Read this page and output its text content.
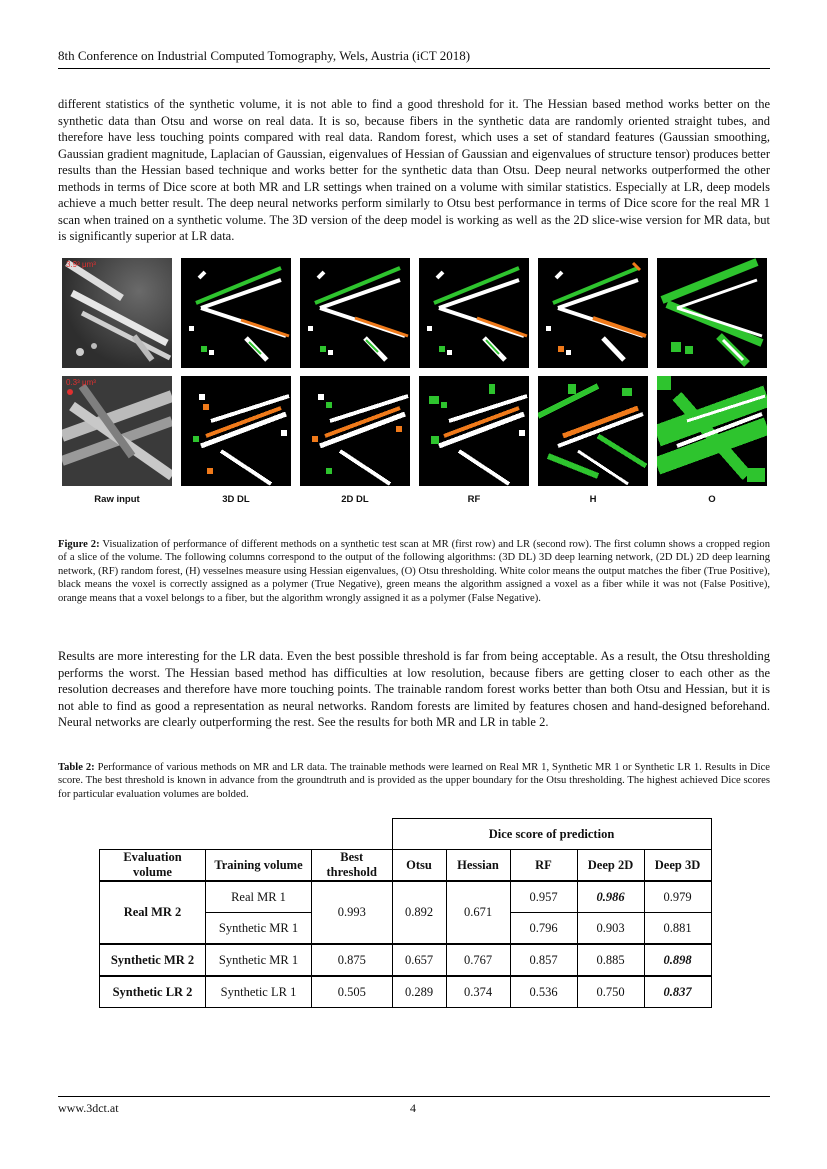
8th Conference on Industrial Computed Tomography, Wels, Austria (iCT 2018)

different statistics of the synthetic volume, it is not able to find a good threshold for it. The Hessian based method works better on the synthetic data than Otsu and worse on real data. It is so, because fibers in the synthetic data are randomly oriented straight tubes, and therefore have less touching points compared with real data. Random forest, which uses a set of standard features (Gaussian smoothing, Gaussian gradient magnitude, Laplacian of Gaussian, eigenvalues of Hessian of Gaussian and eigenvalues of structure tensor) produces better results than the Hessian based technique and works better for the synthetic data than Otsu. Deep neural networks outperformed the other methods in terms of Dice score at both MR and LR settings when trained on a volume with similar statistics. Especially at LR, deep models achieve a much better result. The deep neural networks perform similarly to Otsu best performance in terms of Dice score for the real MR 1 scan when trained on a synthetic volume. The 3D version of the deep model is working as well as the 2D slice-wise version for MR data, but is significantly superior at LR data.

3.9³ μm³
0.3³ μm³
Raw input	3D DL	2D DL	RF	H	O

Figure 2: Visualization of performance of different methods on a synthetic test scan at MR (first row) and LR (second row). The first column shows a cropped region of a slice of the volume. The following columns correspond to the output of the following algorithms: (3D DL) 3D deep learning network, (2D DL) 2D deep learning network, (RF) random forest, (H) vesselnes measure using Hessian eigenvalues, (O) Otsu thresholding. White color means the output matches the fiber (True Positive), black means the voxel is correctly assigned as a polymer (True Negative), green means the algorithm assigned a voxel as a fiber while it was not (False Positive), orange means that a voxel belongs to a fiber, but the algorithm wrongly assigned it as a polymer (False Negative).

Results are more interesting for the LR data. Even the best possible threshold is far from being acceptable. As a result, the Otsu thresholding performs the worst. The Hessian based method has difficulties at low resolution, because fibers are getting closer to each other as the resolution decreases and therefore have more touching points. The trainable random forest works better than both Otsu and Hessian, but it is not able to find as good a representation as neural networks. Random forests are limited by features chosen and hand-designed beforehand. Neural networks are clearly outperforming the rest. See the results for both MR and LR in table 2.

Table 2: Performance of various methods on MR and LR data. The trainable methods were learned on Real MR 1, Synthetic MR 1 or Synthetic LR 1. Results in Dice score. The best threshold is known in advance from the groundtruth and is provided as the upper boundary for the Otsu thresholding. The highest achieved Dice scores for particular evaluation volumes are bolded.

			Dice score of prediction				
Evaluation volume	Training volume	Best threshold	Otsu	Hessian	RF	Deep 2D	Deep 3D
Real MR 2	Real MR 1	0.993	0.892	0.671	0.957	0.986	0.979
	Synthetic MR 1				0.796	0.903	0.881
Synthetic MR 2	Synthetic MR 1	0.875	0.657	0.767	0.857	0.885	0.898
Synthetic LR 2	Synthetic LR 1	0.505	0.289	0.374	0.536	0.750	0.837
www.3dct.at	4
